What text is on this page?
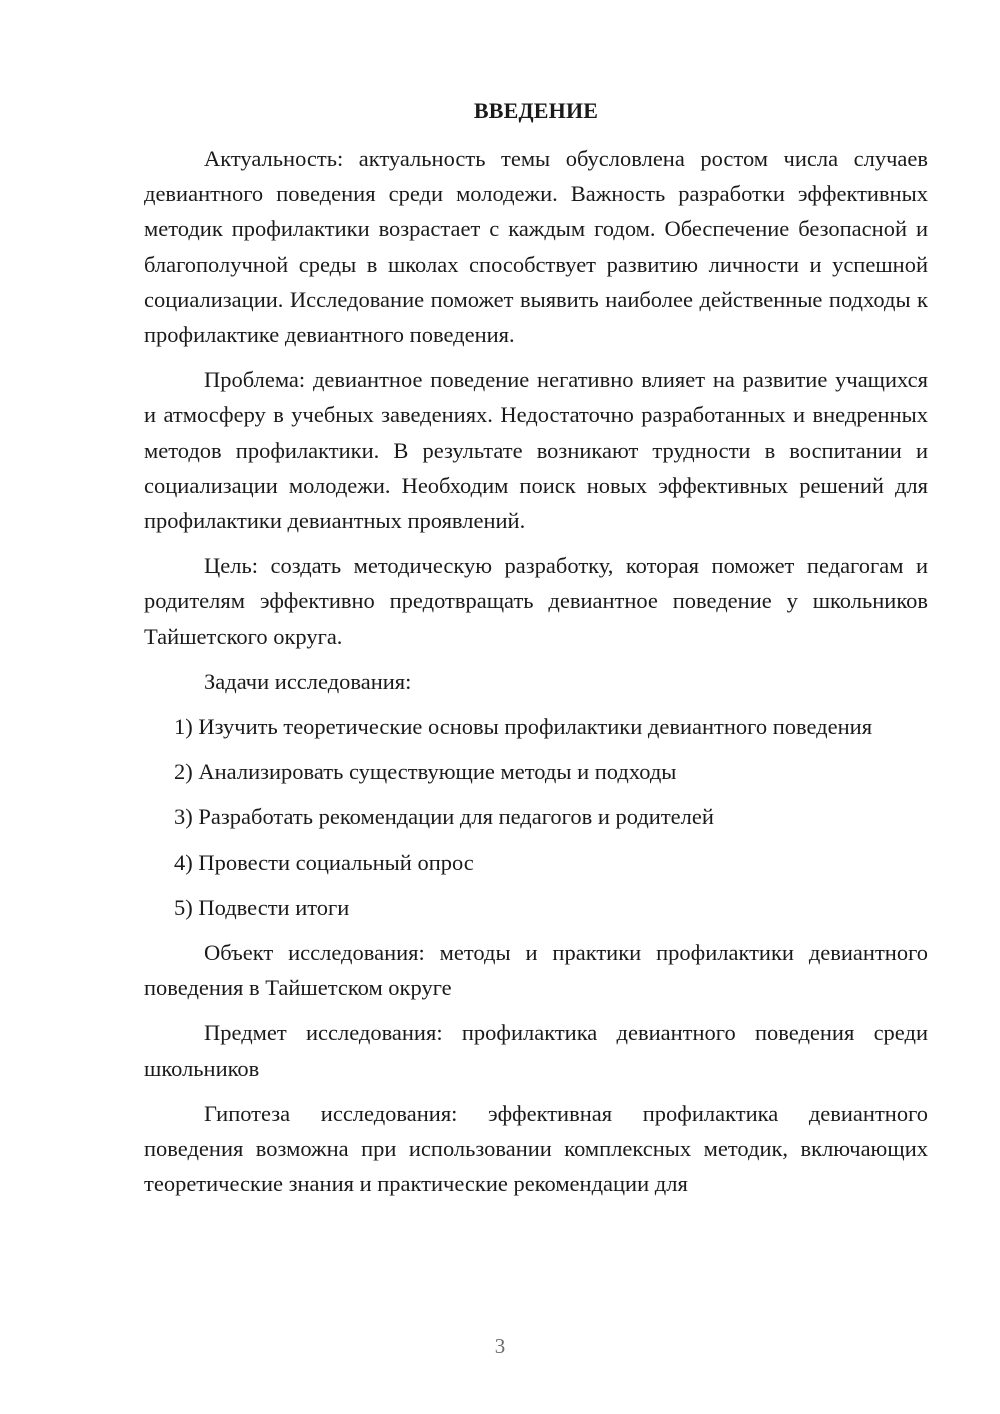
ВВЕДЕНИЕ

Актуальность: актуальность темы обусловлена ростом числа случаев девиантного поведения среди молодежи. Важность разработки эффективных методик профилактики возрастает с каждым годом. Обеспечение безопасной и благополучной среды в школах способствует развитию личности и успешной социализации. Исследование поможет выявить наиболее действенные подходы к профилактике девиантного поведения.

Проблема: девиантное поведение негативно влияет на развитие учащихся и атмосферу в учебных заведениях. Недостаточно разработанных и внедренных методов профилактики. В результате возникают трудности в воспитании и социализации молодежи. Необходим поиск новых эффективных решений для профилактики девиантных проявлений.

Цель: создать методическую разработку, которая поможет педагогам и родителям эффективно предотвращать девиантное поведение у школьников Тайшетского округа.

Задачи исследования:

1) Изучить теоретические основы профилактики девиантного поведения
2) Анализировать существующие методы и подходы
3) Разработать рекомендации для педагогов и родителей
4) Провести социальный опрос
5) Подвести итоги

Объект исследования: методы и практики профилактики девиантного поведения в Тайшетском округе

Предмет исследования: профилактика девиантного поведения среди школьников

Гипотеза исследования: эффективная профилактика девиантного поведения возможна при использовании комплексных методик, включающих теоретические знания и практические рекомендации для

3
